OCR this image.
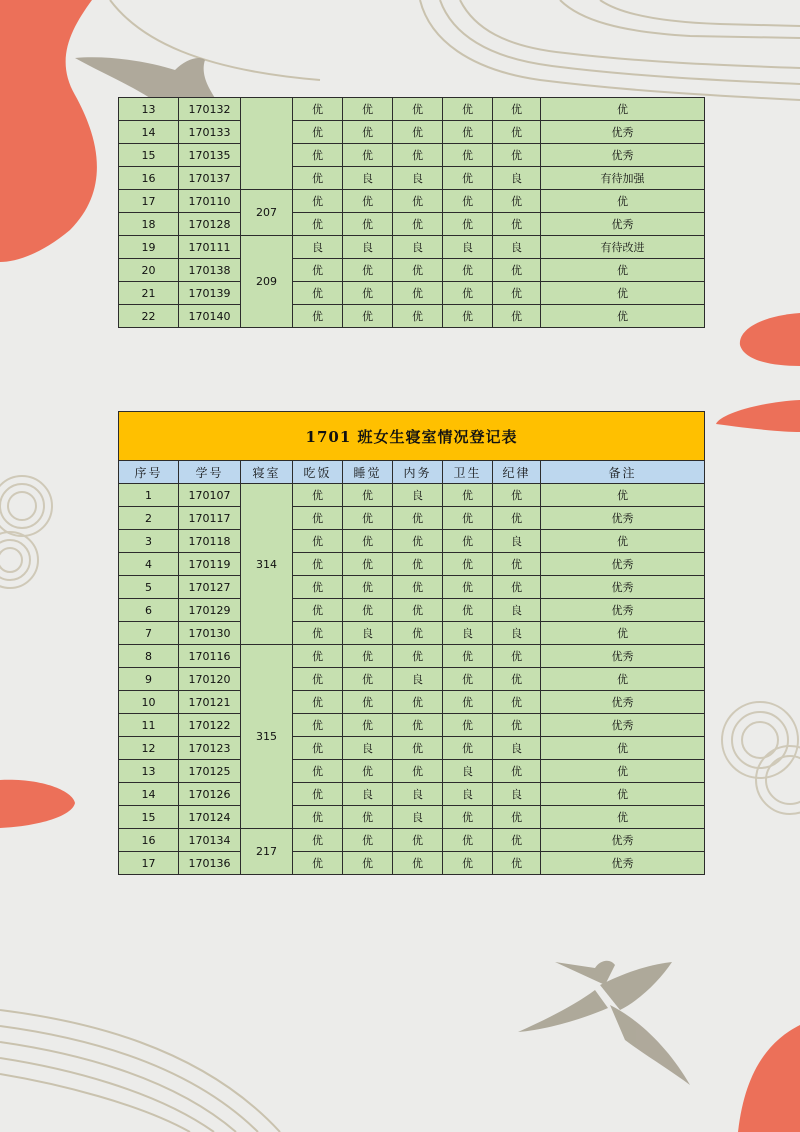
13	170132		优	优	优	优	优	优
14	170133		优	优	优	优	优	优秀
15	170135		优	优	优	优	优	优秀
16	170137		优	良	良	优	良	有待加强
17	170110	207	优	优	优	优	优	优
18	170128		优	优	优	优	优	优秀
19	170111	209	良	良	良	良	良	有待改进
20	170138		优	优	优	优	优	优
21	170139		优	优	优	优	优	优
22	170140		优	优	优	优	优	优
1701 班女生寝室情况登记表								
序号	学号	寝室	吃饭	睡觉	内务	卫生	纪律	备注
1	170107	314	优	优	良	优	优	优
2	170117		优	优	优	优	优	优秀
3	170118		优	优	优	优	良	优
4	170119		优	优	优	优	优	优秀
5	170127		优	优	优	优	优	优秀
6	170129		优	优	优	优	良	优秀
7	170130		优	良	优	良	良	优
8	170116	315	优	优	优	优	优	优秀
9	170120		优	优	良	优	优	优
10	170121		优	优	优	优	优	优秀
11	170122		优	优	优	优	优	优秀
12	170123		优	良	优	优	良	优
13	170125		优	优	优	良	优	优
14	170126		优	良	良	良	良	优
15	170124		优	优	良	优	优	优
16	170134	217	优	优	优	优	优	优秀
17	170136		优	优	优	优	优	优秀
